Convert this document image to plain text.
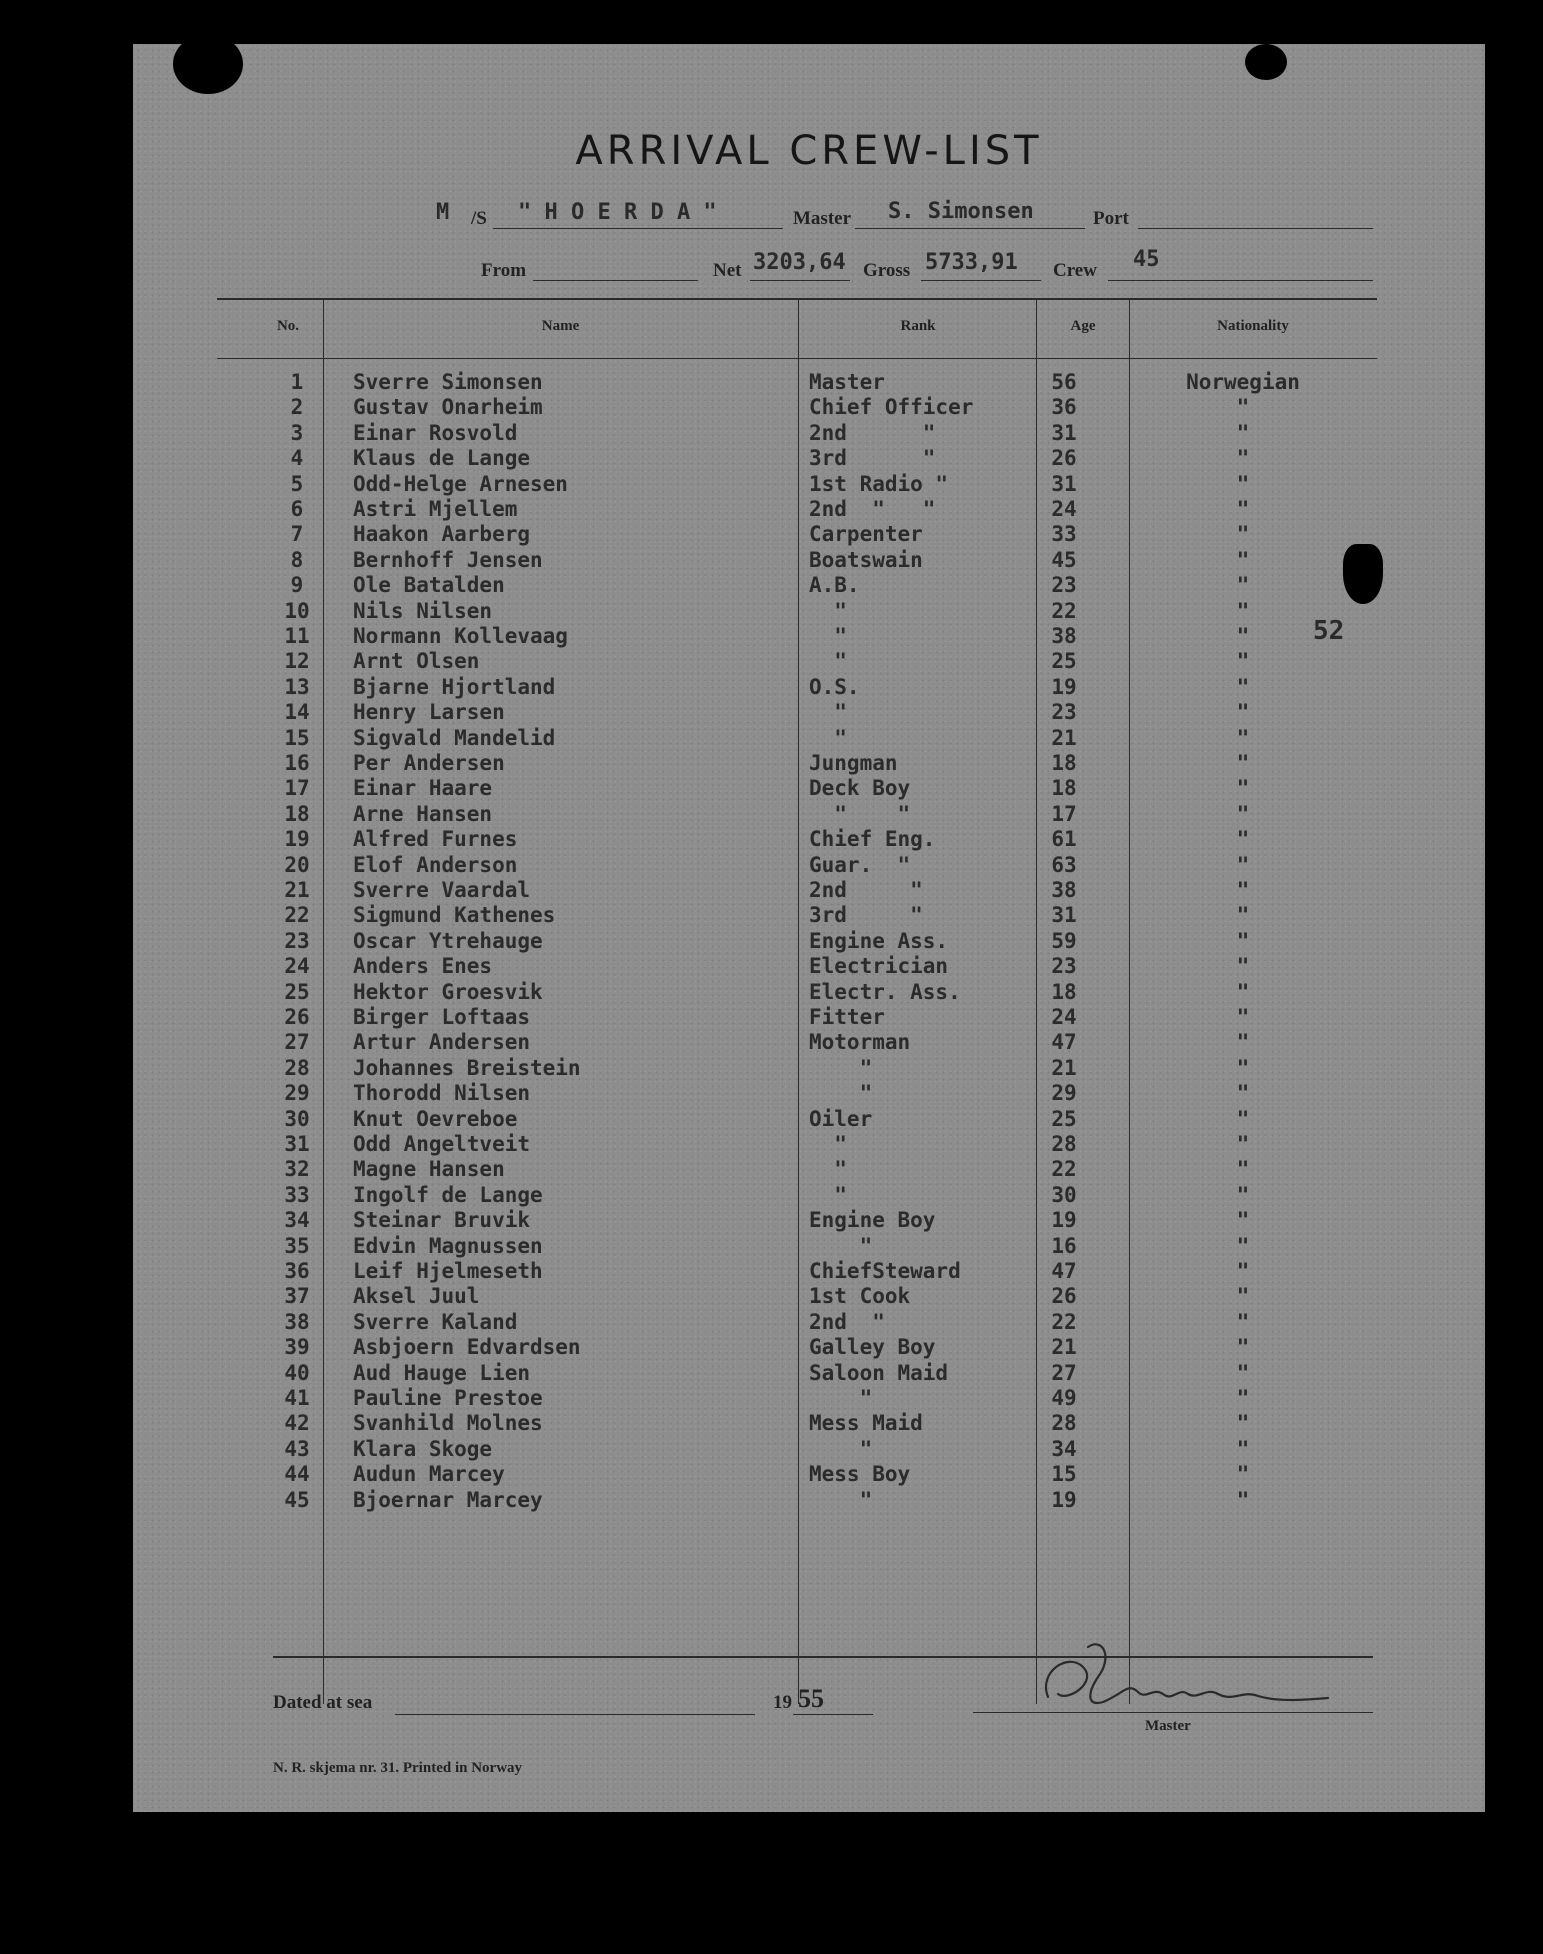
ARRIVAL CREW-LIST
M /S " H O E R D A "	Master S. Simonsen	Port
From	Net 3203,64 Gross 5733,91 Crew 45
No.	Name	Rank	Age	Nationality
1	Sverre Simonsen	Master	56	Norwegian
2	Gustav Onarheim	Chief Officer	36	"
3	Einar Rosvold	2nd      "	31	"
4	Klaus de Lange	3rd      "	26	"
5	Odd-Helge Arnesen	1st Radio "	31	"
6	Astri Mjellem	2nd  "   "	24	"
7	Haakon Aarberg	Carpenter	33	"
8	Bernhoff Jensen	Boatswain	45	"
9	Ole Batalden	A.B.	23	"
10	Nils Nilsen	"	22	"
11	Normann Kollevaag	"	38	"
12	Arnt Olsen	"	25	"
13	Bjarne Hjortland	O.S.	19	"
14	Henry Larsen	"	23	"
15	Sigvald Mandelid	"	21	"
16	Per Andersen	Jungman	18	"
17	Einar Haare	Deck Boy	18	"
18	Arne Hansen	"    "	17	"
19	Alfred Furnes	Chief Eng.	61	"
20	Elof Anderson	Guar.  "	63	"
21	Sverre Vaardal	2nd     "	38	"
22	Sigmund Kathenes	3rd     "	31	"
23	Oscar Ytrehauge	Engine Ass.	59	"
24	Anders Enes	Electrician	23	"
25	Hektor Groesvik	Electr. Ass.	18	"
26	Birger Loftaas	Fitter	24	"
27	Artur Andersen	Motorman	47	"
28	Johannes Breistein	"	21	"
29	Thorodd Nilsen	"	29	"
30	Knut Oevreboe	Oiler	25	"
31	Odd Angeltveit	"	28	"
32	Magne Hansen	"	22	"
33	Ingolf de Lange	"	30	"
34	Steinar Bruvik	Engine Boy	19	"
35	Edvin Magnussen	"	16	"
36	Leif Hjelmeseth	ChiefSteward	47	"
37	Aksel Juul	1st Cook	26	"
38	Sverre Kaland	2nd  "	22	"
39	Asbjoern Edvardsen	Galley Boy	21	"
40	Aud Hauge Lien	Saloon Maid	27	"
41	Pauline Prestoe	"	49	"
42	Svanhild Molnes	Mess Maid	28	"
43	Klara Skoge	"	34	"
44	Audun Marcey	Mess Boy	15	"
45	Bjoernar Marcey	"	19	"
52
Dated at sea	19 55
Master
N. R. skjema nr. 31. Printed in Norway
